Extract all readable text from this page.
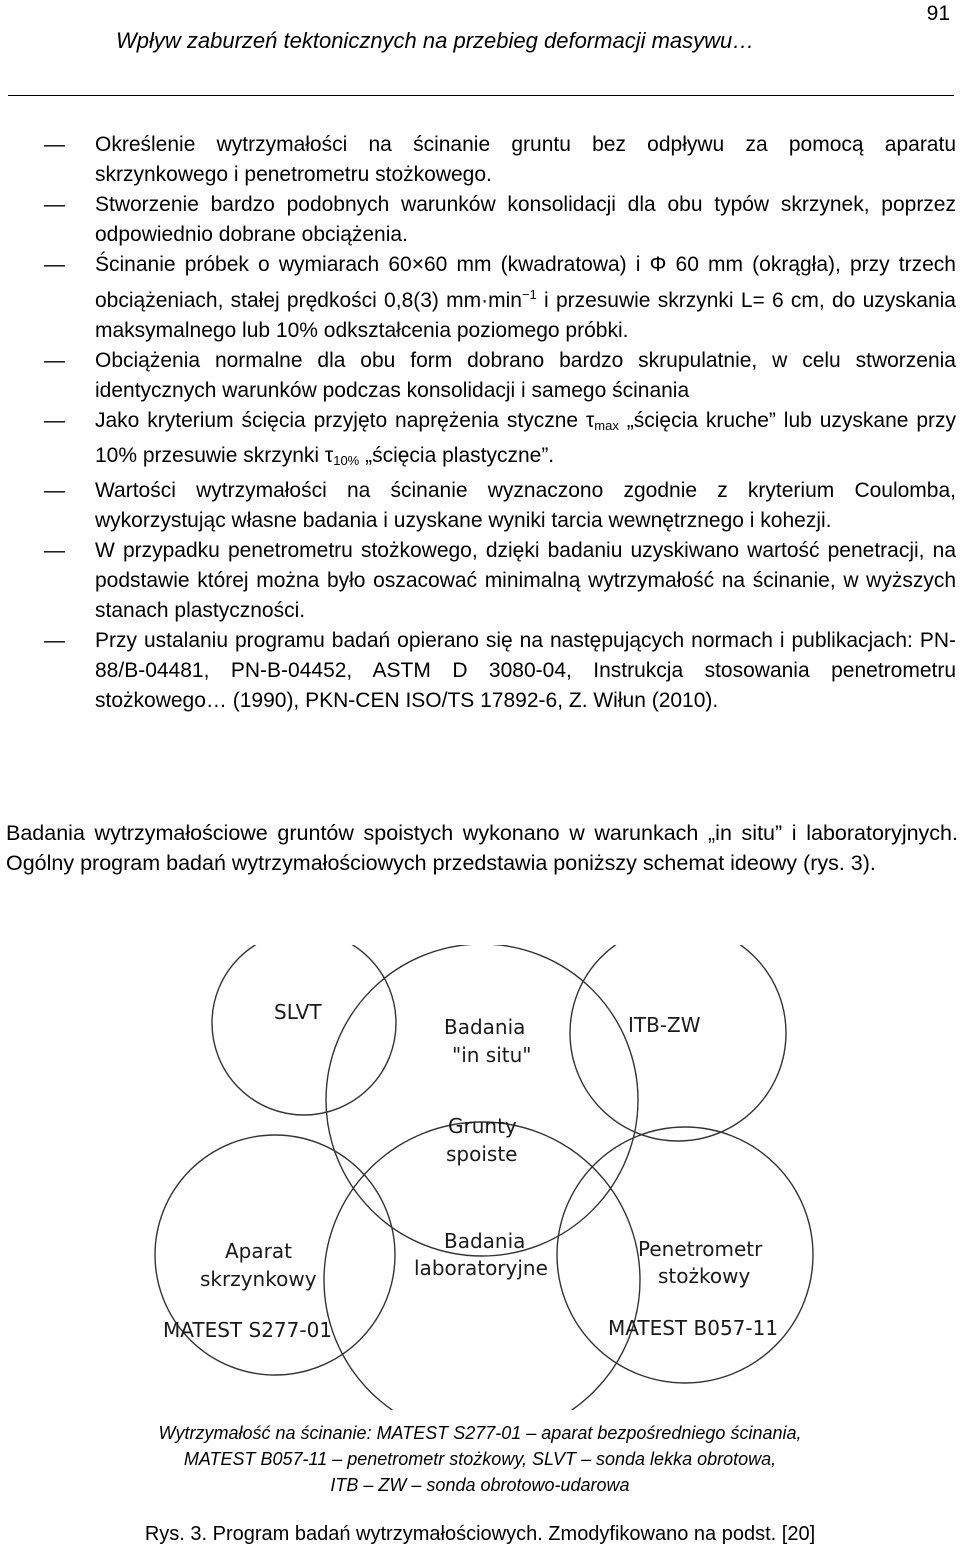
91
Wpływ zaburzeń tektonicznych na przebieg deformacji masywu…
— Określenie wytrzymałości na ścinanie gruntu bez odpływu za pomocą aparatu skrzynkowego i penetrometru stożkowego.
— Stworzenie bardzo podobnych warunków konsolidacji dla obu typów skrzynek, poprzez odpowiednio dobrane obciążenia.
— Ścinanie próbek o wymiarach 60×60 mm (kwadratowa) i Φ 60 mm (okrągła), przy trzech obciążeniach, stałej prędkości 0,8(3) $mm\cdot\min^{-1}$ i przesuwie skrzynki L= 6 cm, do uzyskania maksymalnego lub 10% odkształcenia poziomego próbki.
— Obciążenia normalne dla obu form dobrano bardzo skrupulatnie, w celu stworzenia identycznych warunków podczas konsolidacji i samego ścinania
— Jako kryterium ścięcia przyjęto naprężenia styczne $\tau_{max}$ „ścięcia kruche” lub uzyskane przy 10% przesuwie skrzynki $\tau_{10\%}$ „ścięcia plastyczne”.
— Wartości wytrzymałości na ścinanie wyznaczono zgodnie z kryterium Coulomba, wykorzystując własne badania i uzyskane wyniki tarcia wewnętrznego i kohezji.
— W przypadku penetrometru stożkowego, dzięki badaniu uzyskiwano wartość penetracji, na podstawie której można było oszacować minimalną wytrzymałość na ścinanie, w wyższych stanach plastyczności.
— Przy ustalaniu programu badań opierano się na następujących normach i publikacjach: PN-88/B-04481, PN-B-04452, ASTM D 3080-04, Instrukcja stosowania penetrometru stożkowego… (1990), PKN-CEN ISO/TS 17892-6, Z. Wiłun (2010).

Badania wytrzymałościowe gruntów spoistych wykonano w warunkach „in situ” i laboratoryjnych. Ogólny program badań wytrzymałościowych przedstawia poniższy schemat ideowy (rys. 3).

SLVT
Badania
"in situ"
ITB-ZW
Grunty
spoiste
Aparat
skrzynkowy
Badania
laboratoryjne
Penetrometr
stożkowy
MATEST S277-01	MATEST B057-11
Wytrzymałość na ścinanie: MATEST S277-01 – aparat bezpośredniego ścinania,
MATEST B057-11 – penetrometr stożkowy, SLVT – sonda lekka obrotowa,
ITB – ZW – sonda obrotowo-udarowa
Rys. 3. Program badań wytrzymałościowych. Zmodyfikowano na podst. [20]
